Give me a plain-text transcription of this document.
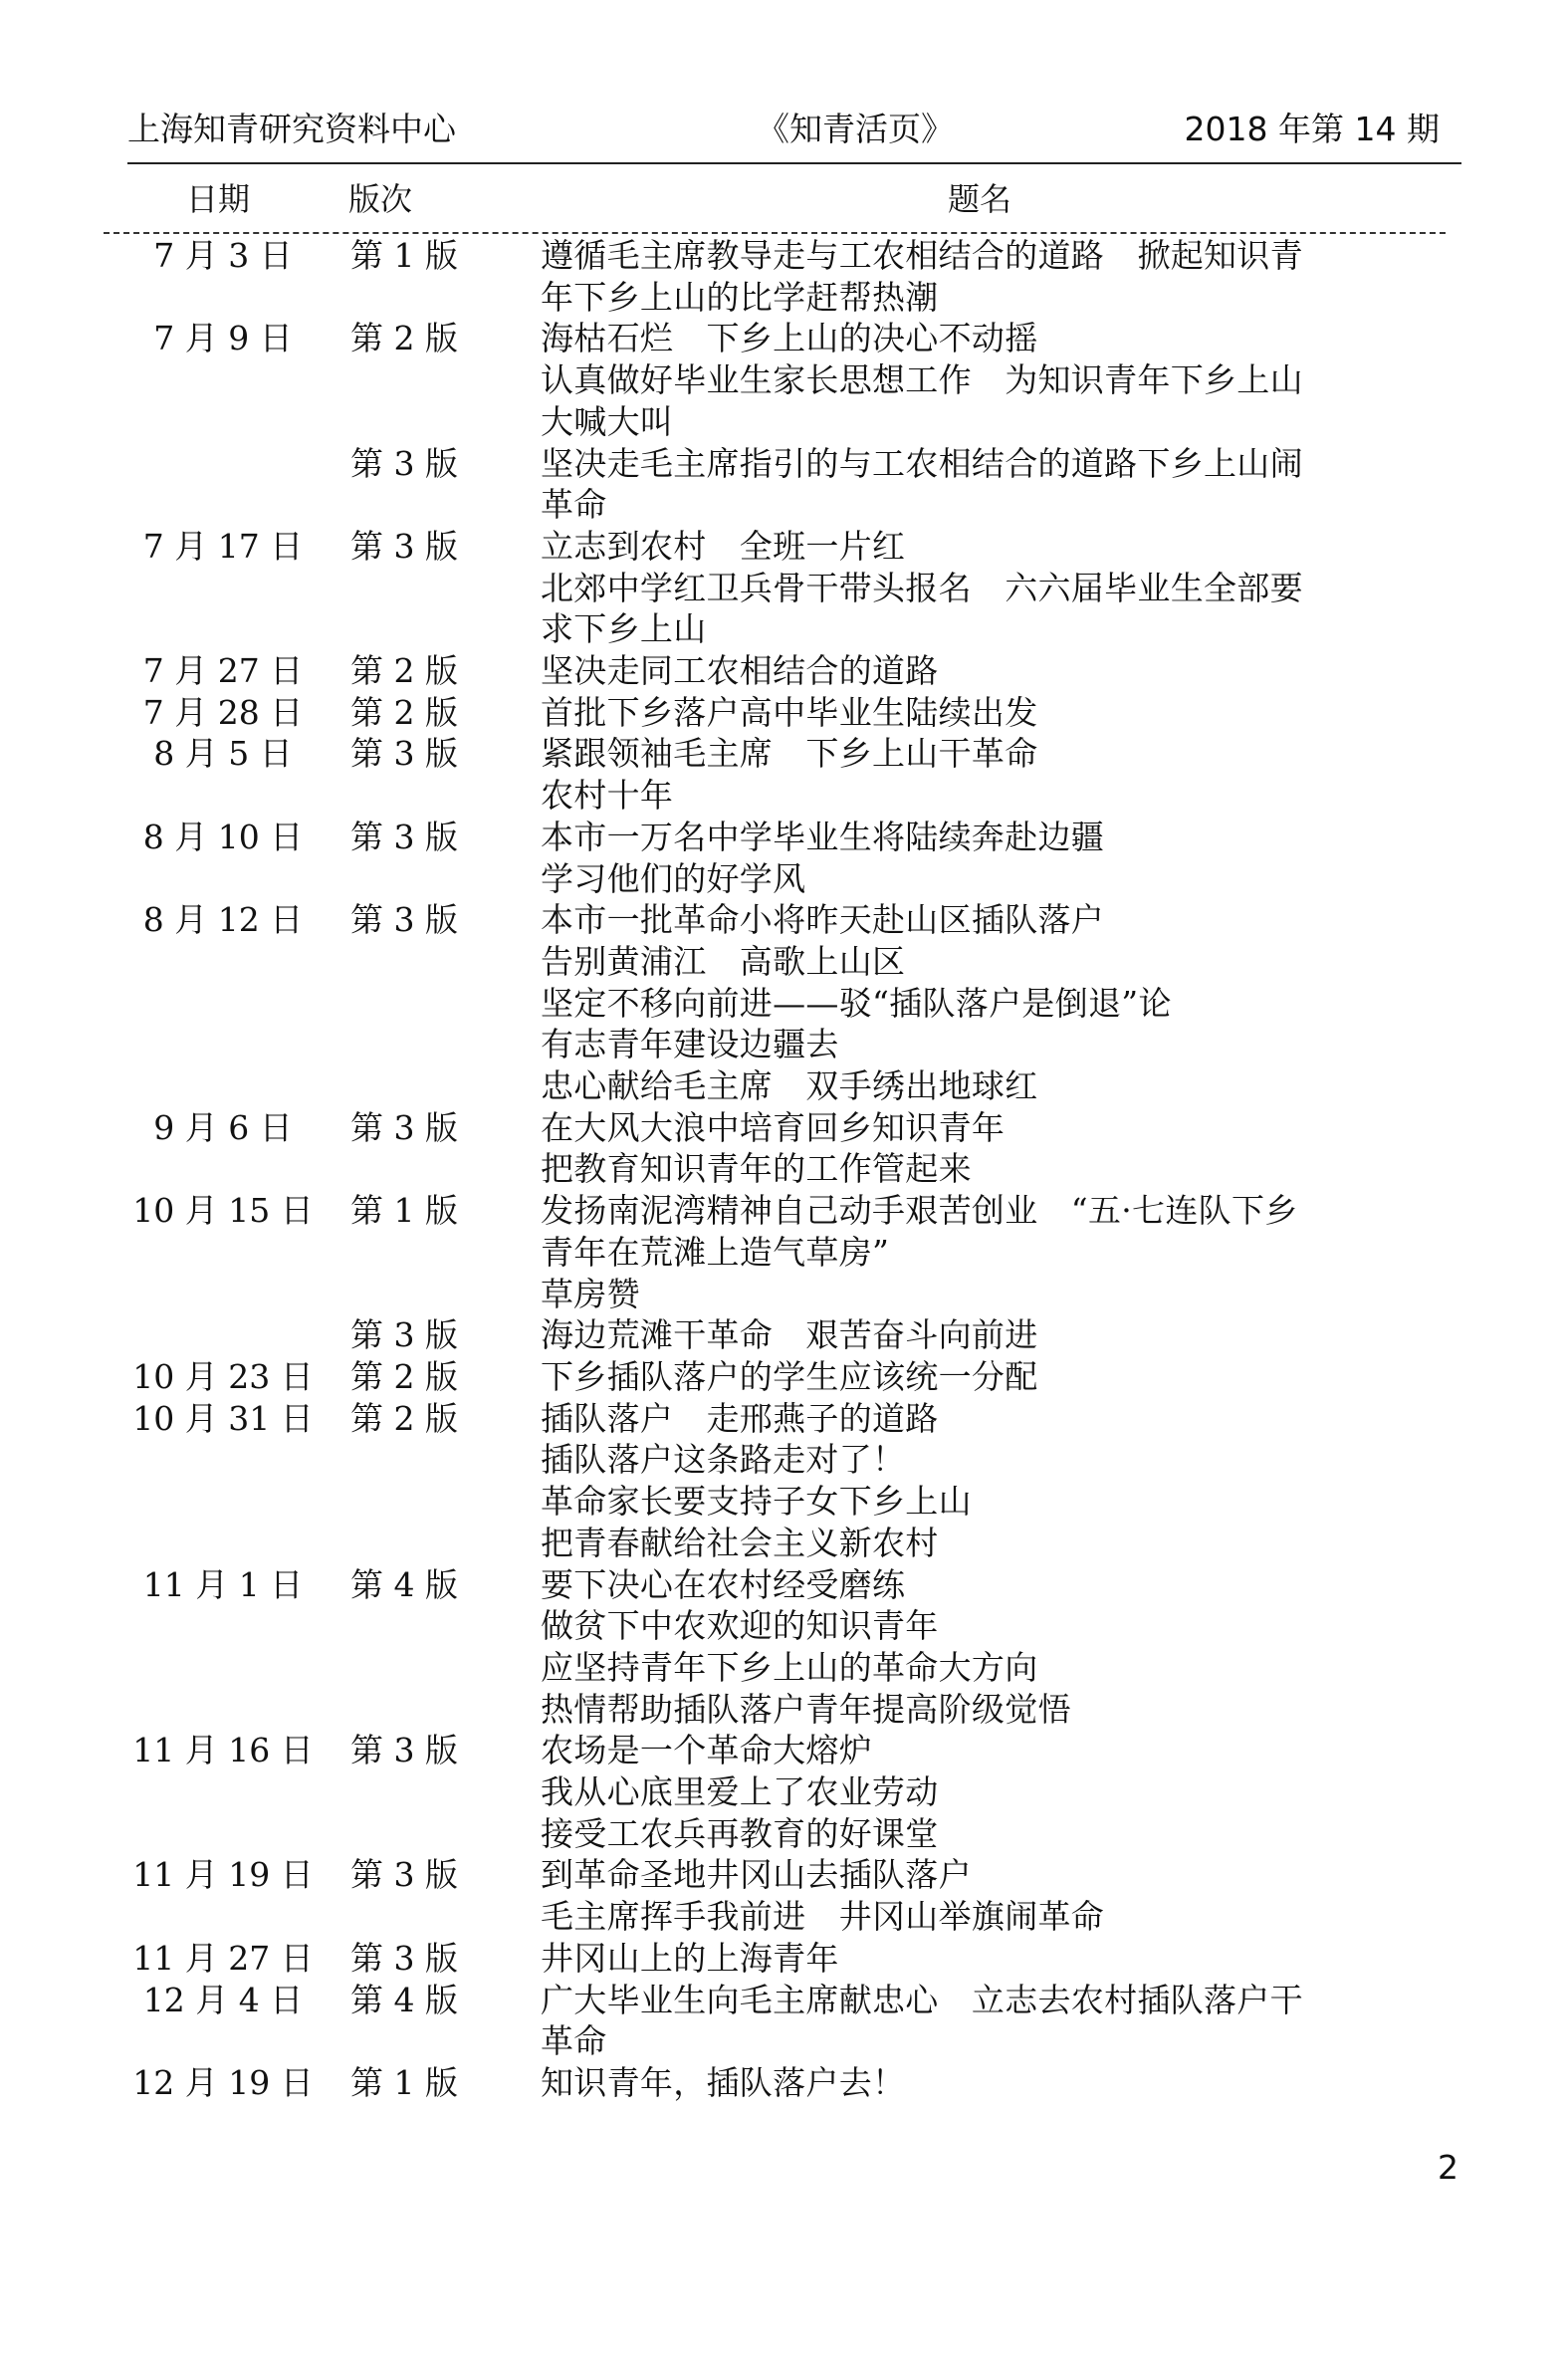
上海知青研究资料中心	《知青活页》	2018 年第 14 期
日期	版次	题名
7 月 3 日	第 1 版	遵循毛主席教导走与工农相结合的道路　掀起知识青
年下乡上山的比学赶帮热潮
7 月 9 日	第 2 版	海枯石烂　下乡上山的决心不动摇
认真做好毕业生家长思想工作　为知识青年下乡上山
大喊大叫
第 3 版	坚决走毛主席指引的与工农相结合的道路下乡上山闹
革命
7 月 17 日	第 3 版	立志到农村　全班一片红
北郊中学红卫兵骨干带头报名　六六届毕业生全部要
求下乡上山
7 月 27 日	第 2 版	坚决走同工农相结合的道路
7 月 28 日	第 2 版	首批下乡落户高中毕业生陆续出发
8 月 5 日	第 3 版	紧跟领袖毛主席　下乡上山干革命
农村十年
8 月 10 日	第 3 版	本市一万名中学毕业生将陆续奔赴边疆
学习他们的好学风
8 月 12 日	第 3 版	本市一批革命小将昨天赴山区插队落户
告别黄浦江　高歌上山区
坚定不移向前进——驳“插队落户是倒退”论
有志青年建设边疆去
忠心献给毛主席　双手绣出地球红
9 月 6 日	第 3 版	在大风大浪中培育回乡知识青年
把教育知识青年的工作管起来
10 月 15 日 第 1 版	发扬南泥湾精神自己动手艰苦创业　“五·七连队下乡
青年在荒滩上造气草房”
草房赞
第 3 版	海边荒滩干革命　艰苦奋斗向前进
10 月 23 日 第 2 版	下乡插队落户的学生应该统一分配
10 月 31 日 第 2 版	插队落户　走邢燕子的道路
插队落户这条路走对了！
革命家长要支持子女下乡上山
把青春献给社会主义新农村
11 月 1 日	第 4 版	要下决心在农村经受磨练
做贫下中农欢迎的知识青年
应坚持青年下乡上山的革命大方向
热情帮助插队落户青年提高阶级觉悟
11 月 16 日 第 3 版	农场是一个革命大熔炉
我从心底里爱上了农业劳动
接受工农兵再教育的好课堂
11 月 19 日 第 3 版	到革命圣地井冈山去插队落户
毛主席挥手我前进　井冈山举旗闹革命
11 月 27 日 第 3 版	井冈山上的上海青年
12 月 4 日	第 4 版	广大毕业生向毛主席献忠心　立志去农村插队落户干
革命
12 月 19 日 第 1 版	知识青年，插队落户去！
2
